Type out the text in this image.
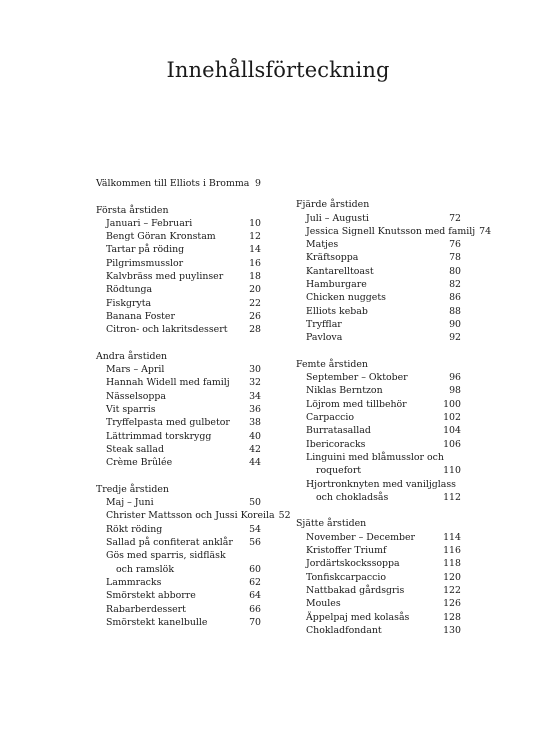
Innehållsförteckning
Välkommen till Elliots i Bromma 9
Första årstiden
Januari – Februari	10
Bengt Göran Kronstam	12
Tartar på röding	14
Pilgrimsmusslor	16
Kalvbräss med puylinser	18
Rödtunga	20
Fiskgryta	22
Banana Foster	26
Citron- och lakritsdessert	28
Andra årstiden
Mars – April	30
Hannah Widell med familj	32
Nässelsoppa	34
Vit sparris	36
Tryffelpasta med gulbetor	38
Lättrimmad torskrygg	40
Steak sallad	42
Crème Brûlée	44
Tredje årstiden
Maj – Juni	50
Christer Mattsson och Jussi Koreila 52
Rökt röding	54
Sallad på confiterat anklår	56
Gös med sparris, sidfläsk
och ramslök	60
Lammracks	62
Smörstekt abborre	64
Rabarberdessert	66
Smörstekt kanelbulle	70
Fjärde årstiden
Juli – Augusti	72
Jessica Signell Knutsson med familj 74
Matjes	76
Kräftsoppa	78
Kantarelltoast	80
Hamburgare	82
Chicken nuggets	86
Elliots kebab	88
Tryfflar	90
Pavlova	92
Femte årstiden
September – Oktober	96
Niklas Berntzon	98
Löjrom med tillbehör	100
Carpaccio	102
Burratasallad	104
Ibericoracks	106
Linguini med blåmusslor och
roquefort	110
Hjortronknyten med vaniljglass
och chokladsås	112
Sjätte årstiden
November – December	114
Kristoffer Triumf	116
Jordärtskockssoppa	118
Tonfiskcarpaccio	120
Nattbakad gårdsgris	122
Moules	126
Äppelpaj med kolasås	128
Chokladfondant	130
